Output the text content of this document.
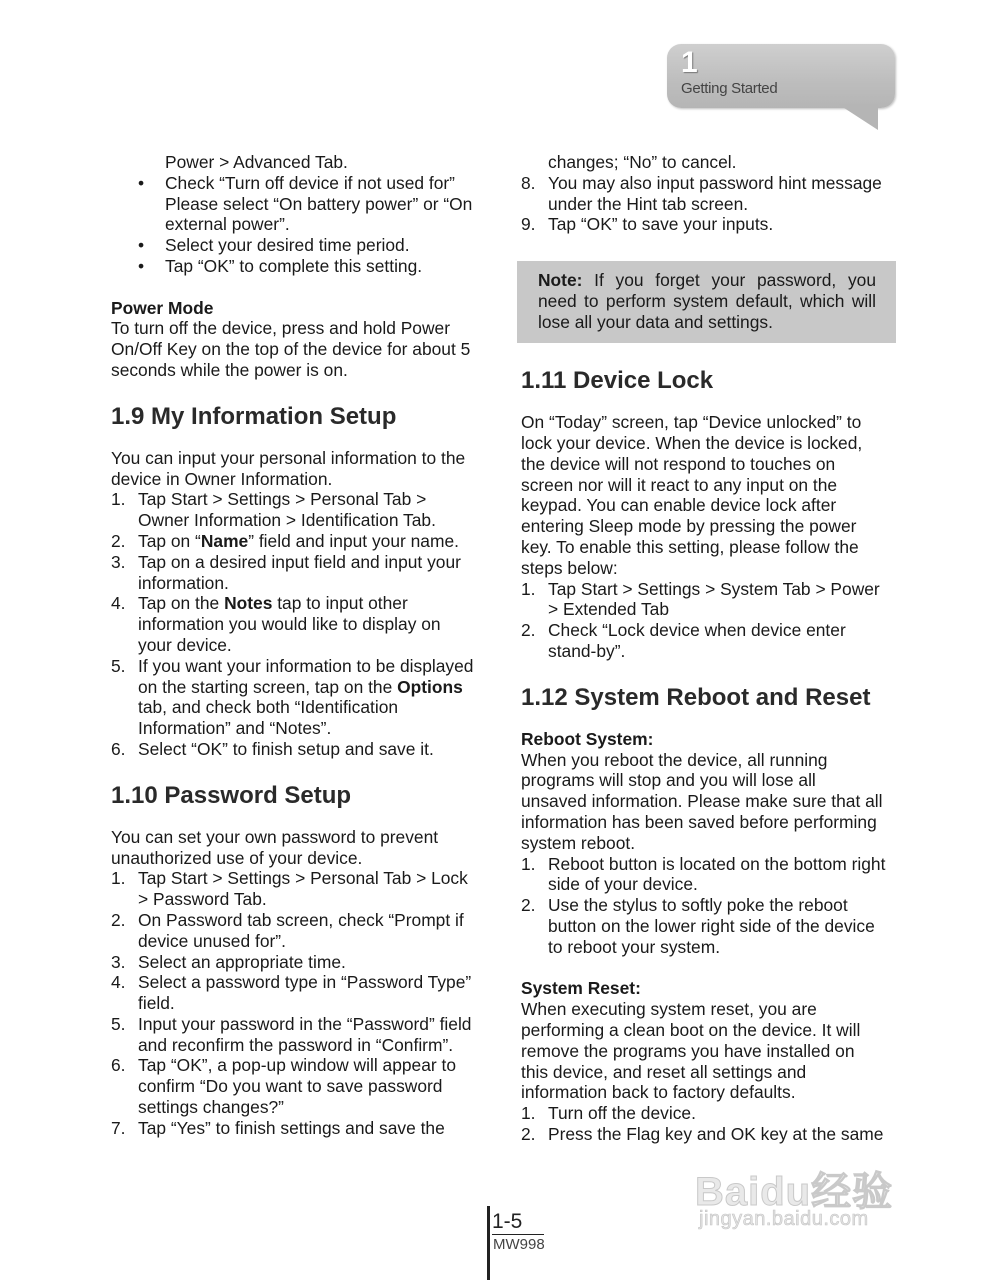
1
Getting Started

Power > Advanced Tab.

•	Check “Turn off device if not used for”

Please select “On battery power” or “On

external power”.

•	Select your desired time period.
•	Tap “OK” to complete this setting.

Power Mode

To turn off the device, press and hold Power

On/Off Key on the top of the device for about 5

seconds while the power is on.

1.9 My Information Setup

You can input your personal information to the

device in Owner Information.

1. Tap Start > Settings > Personal Tab >

Owner Information > Identification Tab.

2. Tap on “Name” field and input your name.
3. Tap on a desired input field and input your

information.

4. Tap on the Notes tap to input other

information you would like to display on

your device.

5. If you want your information to be displayed

on the starting screen, tap on the Options

tab, and check both “Identification

Information” and “Notes”.

6. Select “OK” to finish setup and save it.

1.10 Password Setup

You can set your own password to prevent

unauthorized use of your device.

1. Tap Start > Settings > Personal Tab > Lock

> Password Tab.

2. On Password tab screen, check “Prompt if

device unused for”.

3. Select an appropriate time.
4. Select a password type in “Password Type”

field.

5. Input your password in the “Password” field

and reconfirm the password in “Confirm”.

6. Tap “OK”, a pop-up window will appear to

confirm “Do you want to save password

settings changes?”

7. Tap “Yes” to finish settings and save the
Note: If you forget your password, you need to perform system default, which will lose all your data and settings.

changes; “No” to cancel.

8. You may also input password hint message

under the Hint tab screen.

9. Tap “OK” to save your inputs.

1.11 Device Lock

On “Today” screen, tap “Device unlocked” to

lock your device. When the device is locked,

the device will not respond to touches on

screen nor will it react to any input on the

keypad. You can enable device lock after

entering Sleep mode by pressing the power

key. To enable this setting, please follow the

steps below:

1. Tap Start > Settings > System Tab > Power

> Extended Tab

2. Check “Lock device when device enter

stand-by”.

1.12 System Reboot and Reset

Reboot System:

When you reboot the device, all running

programs will stop and you will lose all

unsaved information. Please make sure that all

information has been saved before performing

system reboot.

1. Reboot button is located on the bottom right

side of your device.

2. Use the stylus to softly poke the reboot

button on the lower right side of the device

to reboot your system.

System Reset:

When executing system reset, you are

performing a clean boot on the device. It will

remove the programs you have installed on

this device, and reset all settings and

information back to factory defaults.

1. Turn off the device.
2. Press the Flag key and OK key at the same
Baidu经验
jingyan.baidu.com
1-5
MW998
